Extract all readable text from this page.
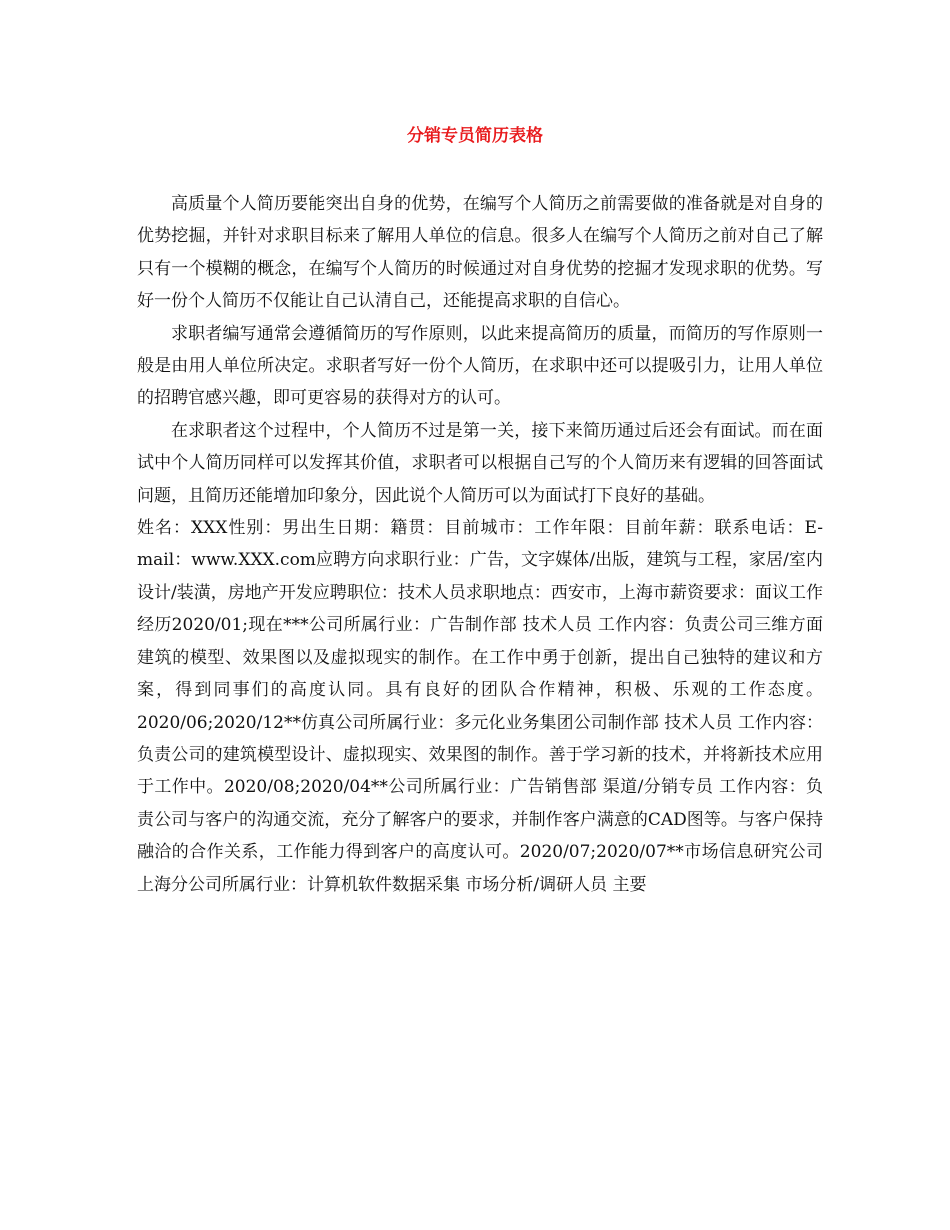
分销专员简历表格

高质量个人简历要能突出自身的优势，在编写个人简历之前需要做的准备就是对自身的优势挖掘，并针对求职目标来了解用人单位的信息。很多人在编写个人简历之前对自己了解只有一个模糊的概念，在编写个人简历的时候通过对自身优势的挖掘才发现求职的优势。写好一份个人简历不仅能让自己认清自己，还能提高求职的自信心。

求职者编写通常会遵循简历的写作原则，以此来提高简历的质量，而简历的写作原则一般是由用人单位所决定。求职者写好一份个人简历，在求职中还可以提吸引力，让用人单位的招聘官感兴趣，即可更容易的获得对方的认可。

在求职者这个过程中，个人简历不过是第一关，接下来简历通过后还会有面试。而在面试中个人简历同样可以发挥其价值，求职者可以根据自己写的个人简历来有逻辑的回答面试问题，且简历还能增加印象分，因此说个人简历可以为面试打下良好的基础。

姓名：XXX性别：男出生日期：籍贯：目前城市：工作年限：目前年薪：联系电话：E-mail：www.XXX.com应聘方向求职行业：广告，文字媒体/出版，建筑与工程，家居/室内设计/装潢，房地产开发应聘职位：技术人员求职地点：西安市，上海市薪资要求：面议工作经历2020/01;现在***公司所属行业：广告制作部 技术人员 工作内容：负责公司三维方面建筑的模型、效果图以及虚拟现实的制作。在工作中勇于创新，提出自己独特的建议和方案，得到同事们的高度认同。具有良好的团队合作精神，积极、乐观的工作态度。2020/06;2020/12**仿真公司所属行业：多元化业务集团公司制作部 技术人员 工作内容：负责公司的建筑模型设计、虚拟现实、效果图的制作。善于学习新的技术，并将新技术应用于工作中。2020/08;2020/04**公司所属行业：广告销售部 渠道/分销专员 工作内容：负责公司与客户的沟通交流，充分了解客户的要求，并制作客户满意的CAD图等。与客户保持融洽的合作关系，工作能力得到客户的高度认可。2020/07;2020/07**市场信息研究公司上海分公司所属行业：计算机软件数据采集 市场分析/调研人员 主要
